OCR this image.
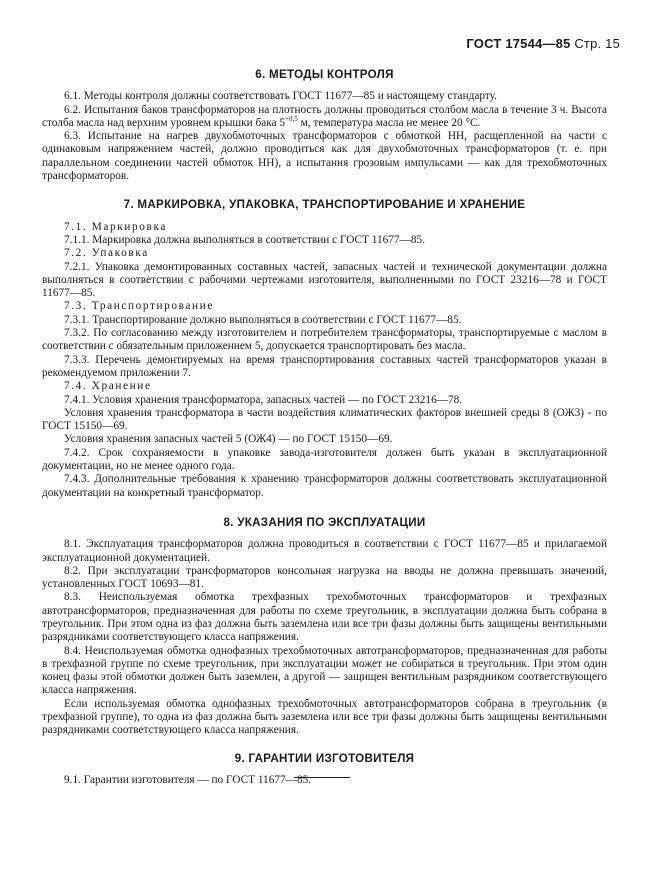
ГОСТ 17544—85 Стр. 15
6. МЕТОДЫ КОНТРОЛЯ

6.1. Методы контроля должны соответствовать ГОСТ 11677—85 и настоящему стандарту.

6.2. Испытания баков трансформаторов на плотность должны проводиться столбом масла в течение 3 ч. Высота столба масла над верхним уровнем крышки бака $5^{+0,5}$ м, температура масла не менее 20 °С.

6.3. Испытание на нагрев двухобмоточных трансформаторов с обмоткой НН, расщепленной на части с одинаковым напряжением частей, должно проводиться как для двухобмоточных трансформаторов (т. е. при параллельном соединении частей обмоток НН), а испытания грозовым импульсами — как для трехобмоточных трансформаторов.

7. МАРКИРОВКА, УПАКОВКА, ТРАНСПОРТИРОВАНИЕ И ХРАНЕНИЕ

7.1. Маркировка

7.1.1. Маркировка должна выполняться в соответствии с ГОСТ 11677—85.

7.2. Упаковка

7.2.1. Упаковка демонтированных составных частей, запасных частей и технической документации должна выполняться в соответствии с рабочими чертежами изготовителя, выполненными по ГОСТ 23216—78 и ГОСТ 11677—85.

7.3. Транспортирование

7.3.1. Транспортирование должно выполняться в соответствии с ГОСТ 11677—85.

7.3.2. По согласованию между изготовителем и потребителем трансформаторы, транспортируемые с маслом в соответствии с обязательным приложением 5, допускается транспортировать без масла.

7.3.3. Перечень демонтируемых на время транспортирования составных частей трансформаторов указан в рекомендуемом приложении 7.

7.4. Хранение

7.4.1. Условия хранения трансформатора, запасных частей — по ГОСТ 23216—78.

Условия хранения трансформатора в части воздействия климатических факторов внешней среды 8 (ОЖ3) - по ГОСТ 15150—69.

Условия хранения запасных частей 5 (ОЖ4) — по ГОСТ 15150—69.

7.4.2. Срок сохраняемости в упаковке завода-изготовителя должен быть указан в эксплуатационной документации, но не менее одного года.

7.4.3. Дополнительные требования к хранению трансформаторов должны соответствовать эксплуатационной документации на конкретный трансформатор.

8. УКАЗАНИЯ ПО ЭКСПЛУАТАЦИИ

8.1. Эксплуатация трансформаторов должна проводиться в соответствии с ГОСТ 11677—85 и прилагаемой эксплуатационной документацией.

8.2. При эксплуатации трансформаторов консольная нагрузка на вводы не должна превышать значений, установленных ГОСТ 10693—81.

8.3. Неиспользуемая обмотка трехфазных трехобмоточных трансформаторов и трехфазных автотрансформаторов, предназначенная для работы по схеме треугольник, в эксплуатации должна быть собрана в треугольник. При этом одна из фаз должна быть заземлена или все три фазы должны быть защищены вентильными разрядниками соответствующего класса напряжения.

8.4. Неиспользуемая обмотка однофазных трехобмоточных автотрансформаторов, предназначенная для работы в трехфазной группе по схеме треугольник, при эксплуатации может не собираться в треугольник. При этом один конец фазы этой обмотки должен быть заземлен, а другой — защищен вентильным разрядником соответствующего класса напряжения.

Если используемая обмотка однофазных трехобмоточных автотрансформаторов собрана в треугольник (в трехфазной группе), то одна из фаз должна быть заземлена или все три фазы должны быть защищены вентильными разрядниками соответствующего класса напряжения.

9. ГАРАНТИИ ИЗГОТОВИТЕЛЯ

9.1. Гарантии изготовителя — по ГОСТ 11677—85.
